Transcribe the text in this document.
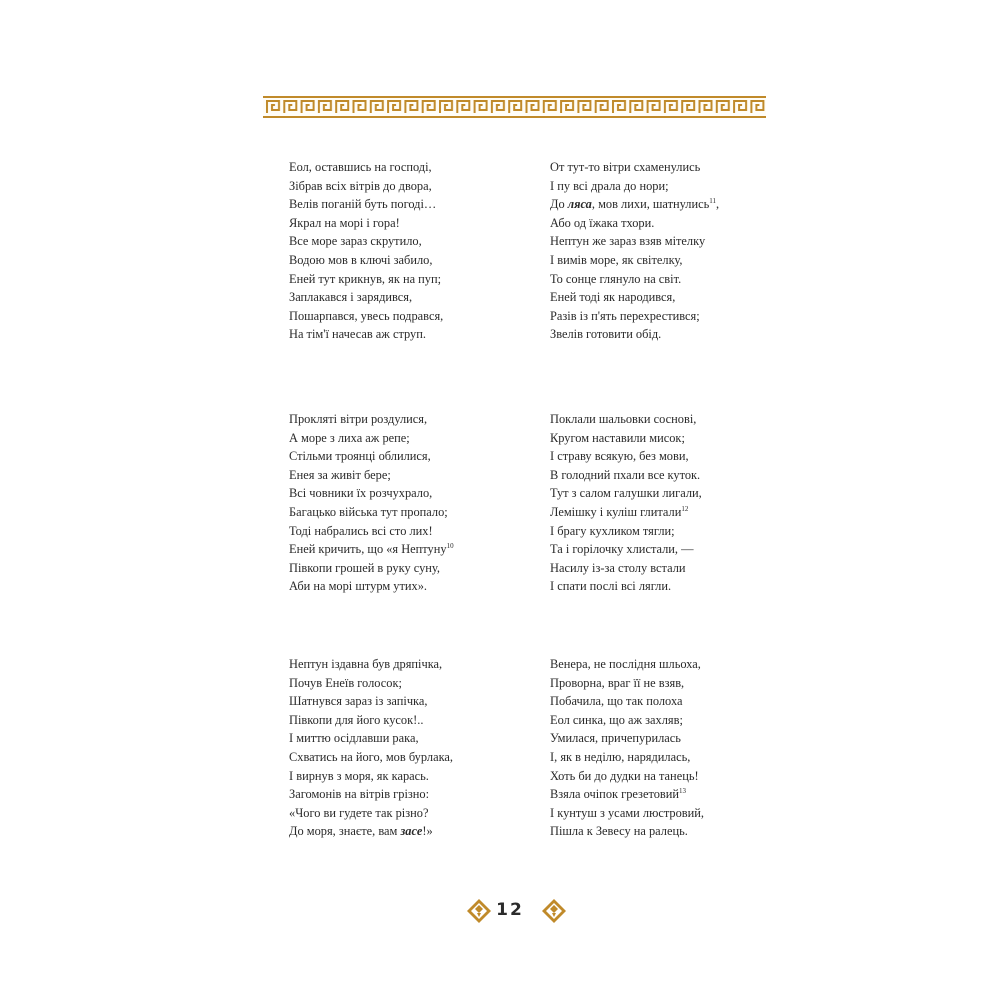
Еол, оставшись на господі,
Зібрав всіх вітрів до двора,
Велів поганій буть погоді…
Якрал на морі і гора!
Все море зараз скрутило,
Водою мов в ключі забило,
Еней тут крикнув, як на пуп;
Заплакався і зарядився,
Пошарпався, увесь подрався,
На тім'ї начесав аж струп.
От тут-то вітри схаменулись
І пу всі драла до нори;
До ляса, мов лихи, шатнулись$^{11}$,
Або од їжака тхори.
Нептун же зараз взяв мітелку
І вимів море, як світелку,
То сонце глянуло на світ.
Еней тоді як народився,
Разів із п'ять перехрестився;
Звелів готовити обід.
Прокляті вітри роздулися,
А море з лиха аж репе;
Стільми троянці облилися,
Енея за живіт бере;
Всі човники їх розчухрало,
Багацько війська тут пропало;
Тоді набрались всі сто лих!
Еней кричить, що «я Нептуну$^{10}$
Півкопи грошей в руку суну,
Аби на морі штурм утих».
Поклали шальовки соснові,
Кругом наставили мисок;
І страву всякую, без мови,
В голодний пхали всe куток.
Тут з салом галушки лигали,
Лемішку і куліш глитали$^{12}$
І брагу кухликом тягли;
Та і горілочку хлистали, —
Насилу із-за столу встали
І спати послі всі лягли.
Нептун іздавна був дряпічка,
Почув Енеїв голосок;
Шатнувся зараз із запічка,
Півкопи для його кусок!..
І миттю осідлавши рака,
Схватись на його, мов бурлака,
І вирнув з моря, як карась.
Загомонів на вітрів грізно:
«Чого ви гудете так різно?
До моря, знаєте, вам засе!»
Венера, не послідня шльоха,
Проворна, враг її не взяв,
Побачила, що так полоха
Еол синка, що аж захляв;
Умилася, причепурилась
І, як в неділю, нарядилась,
Хоть би до дудки на танець!
Взяла очіпок грезетовий$^{13}$
І кунтуш з усами люстровий,
Пішла к Зевесу на ралець.
12
